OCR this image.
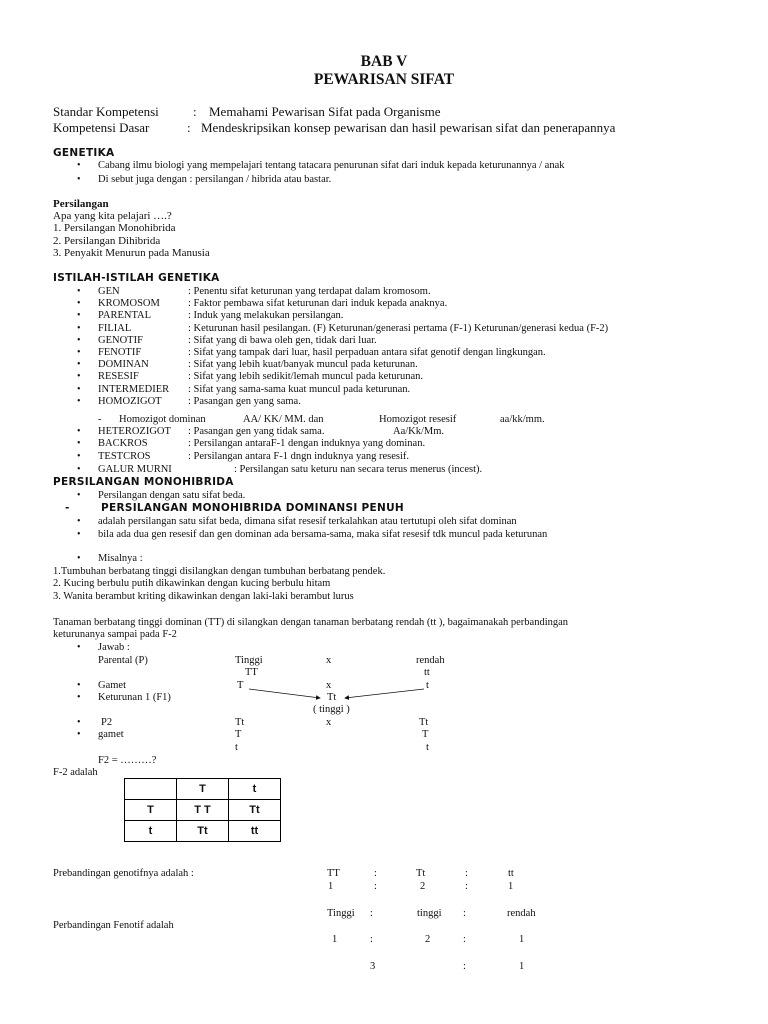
BAB V
PEWARISAN SIFAT
Standar Kompetensi	: Memahami Pewarisan Sifat pada Organisme
Kompetensi Dasar	: Mendeskripsikan konsep pewarisan dan hasil pewarisan sifat dan penerapannya
GENETIKA
• Cabang ilmu biologi yang mempelajari tentang tatacara penurunan sifat dari induk kepada keturunannya / anak
• Di sebut juga dengan : persilangan / hibrida atau bastar.
Persilangan
Apa yang kita pelajari ….?
1. Persilangan Monohibrida
2. Persilangan Dihibrida
3. Penyakit Menurun pada Manusia
ISTILAH-ISTILAH GENETIKA
• GEN	: Penentu sifat keturunan yang terdapat dalam kromosom.
• KROMOSOM	: Faktor pembawa sifat keturunan dari induk kepada anaknya.
• PARENTAL	: Induk yang melakukan persilangan.
• FILIAL	: Keturunan hasil pesilangan. (F) Keturunan/generasi pertama (F-1) Keturunan/generasi kedua (F-2)
• GENOTIF	: Sifat yang di bawa oleh gen, tidak dari luar.
• FENOTIF	: Sifat yang tampak dari luar, hasil perpaduan antara sifat genotif dengan lingkungan.
• DOMINAN	: Sifat yang lebih kuat/banyak muncul pada keturunan.
• RESESIF	: Sifat yang lebih sedikit/lemah muncul pada keturunan.
• INTERMEDIER : Sifat yang sama-sama kuat muncul pada keturunan.
• HOMOZIGOT	: Pasangan gen yang sama.
- Homozigot dominan	AA/ KK/ MM. dan	Homozigot resesif	aa/kk/mm.
• HETEROZIGOT : Pasangan gen yang tidak sama.	Aa/Kk/Mm.
• BACKROS	: Persilangan antaraF-1 dengan induknya yang dominan.
• TESTCROS	: Persilangan antara F-1 dngn induknya yang resesif.
• GALUR MURNI	: Persilangan satu keturu nan secara terus menerus (incest).
PERSILANGAN MONOHIBRIDA
• Persilangan dengan satu sifat beda.
-	PERSILANGAN MONOHIBRIDA DOMINANSI PENUH
• adalah persilangan satu sifat beda, dimana sifat resesif terkalahkan atau tertutupi oleh sifat dominan
• bila ada dua gen resesif dan gen dominan ada bersama-sama, maka sifat resesif tdk muncul pada keturunan
• Misalnya :
1.Tumbuhan berbatang tinggi disilangkan dengan tumbuhan berbatang pendek.
2. Kucing berbulu putih dikawinkan dengan kucing berbulu hitam
3. Wanita berambut kriting dikawinkan dengan laki-laki berambut lurus
Tanaman berbatang tinggi dominan (TT) di silangkan dengan tanaman berbatang rendah (tt ), bagaimanakah perbandingan
keturunanya sampai pada F-2
• Jawab :
Parental (P)	Tinggi	x	rendah
TT	tt
• Gamet	T	x	t
• Keturunan 1 (F1)	Tt
( tinggi )
• P2	Tt	x	Tt
• gamet	T	T
t	t
F2 = ………?
F-2 adalah
	T	t
T	T T	Tt
t	Tt	tt
Prebandingan genotifnya adalah :	TT	:	Tt	:	tt
1	:	2	:	1
Tinggi :	tinggi :	rendah
Perbandingan Fenotif adalah
1	:	2	:	1
3	:	1
